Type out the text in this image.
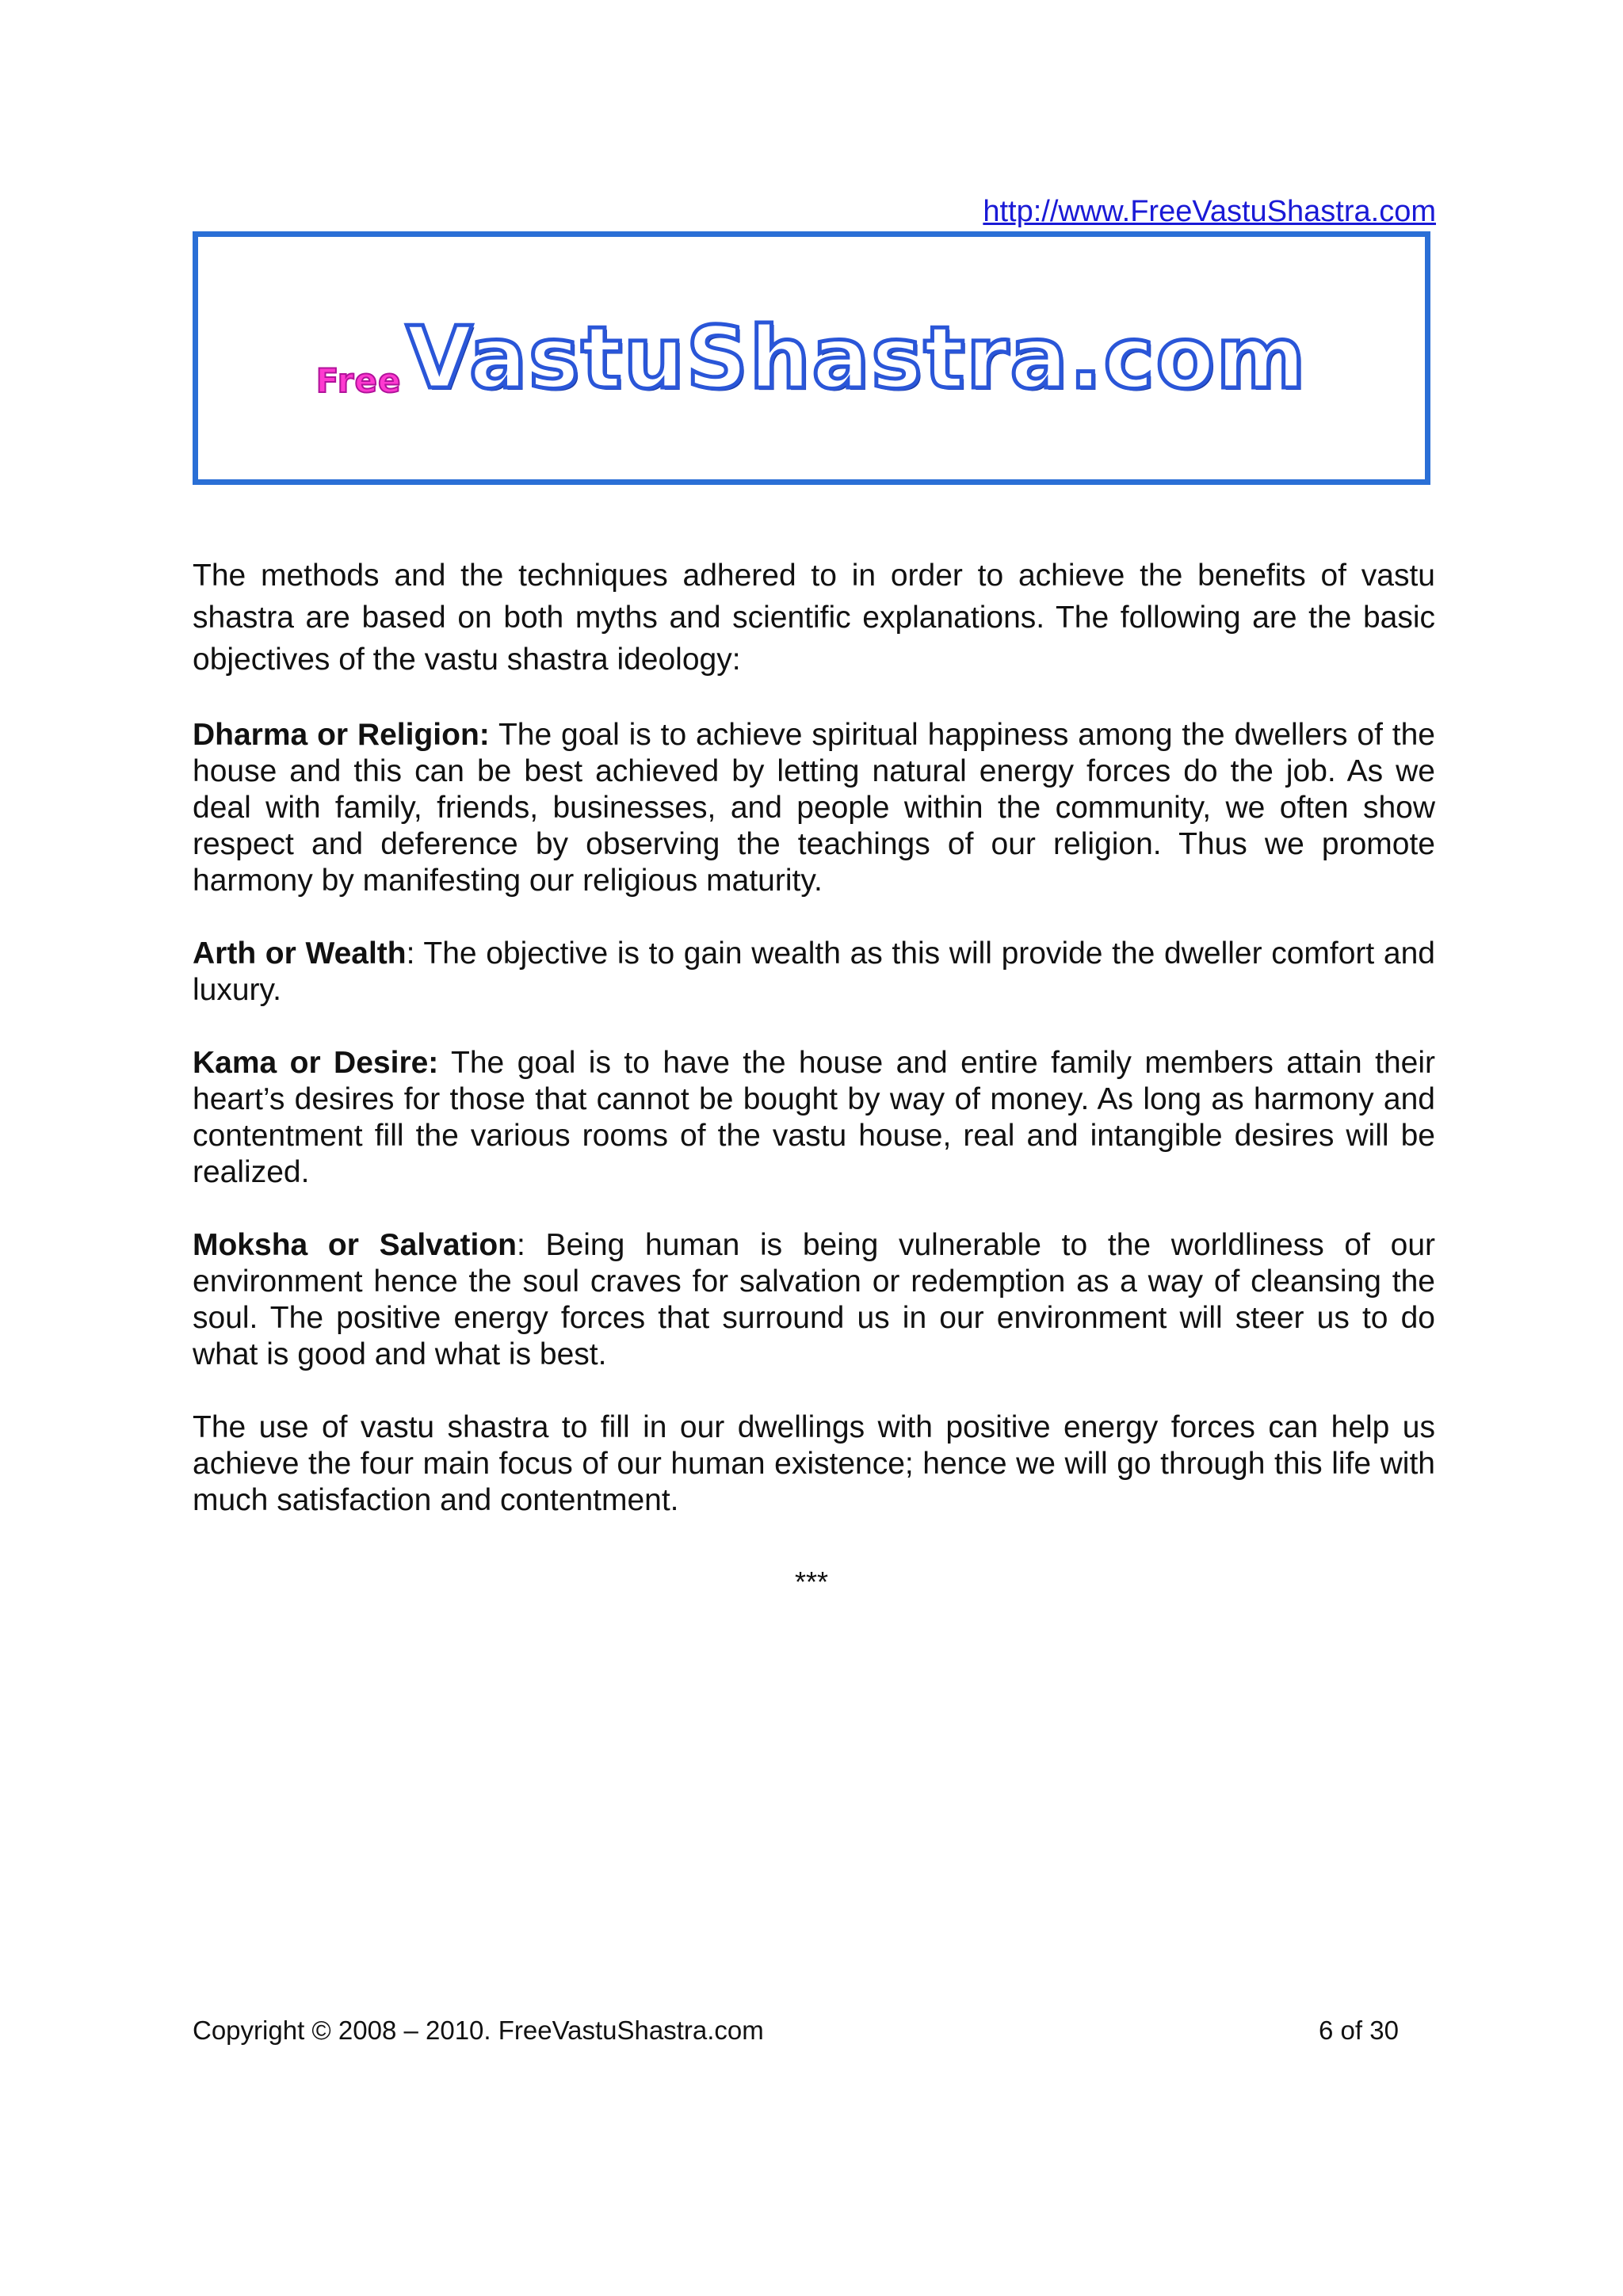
http://www.FreeVastuShastra.com
Free VastuShastra.com

The methods and the techniques adhered to in order to achieve the benefits of vastu shastra are based on both myths and scientific explanations. The following are the basic objectives of the vastu shastra ideology:

Dharma or Religion: The goal is to achieve spiritual happiness among the dwellers of the house and this can be best achieved by letting natural energy forces do the job. As we deal with family, friends, businesses, and people within the community, we often show respect and deference by observing the teachings of our religion. Thus we promote harmony by manifesting our religious maturity.

Arth or Wealth: The objective is to gain wealth as this will provide the dweller comfort and luxury.

Kama or Desire: The goal is to have the house and entire family members attain their heart’s desires for those that cannot be bought by way of money. As long as harmony and contentment fill the various rooms of the vastu house, real and intangible desires will be realized.

Moksha or Salvation: Being human is being vulnerable to the worldliness of our environment hence the soul craves for salvation or redemption as a way of cleansing the soul. The positive energy forces that surround us in our environment will steer us to do what is good and what is best.

The use of vastu shastra to fill in our dwellings with positive energy forces can help us achieve the four main focus of our human existence; hence we will go through this life with much satisfaction and contentment.

***
Copyright © 2008 – 2010. FreeVastuShastra.com	6 of 30
